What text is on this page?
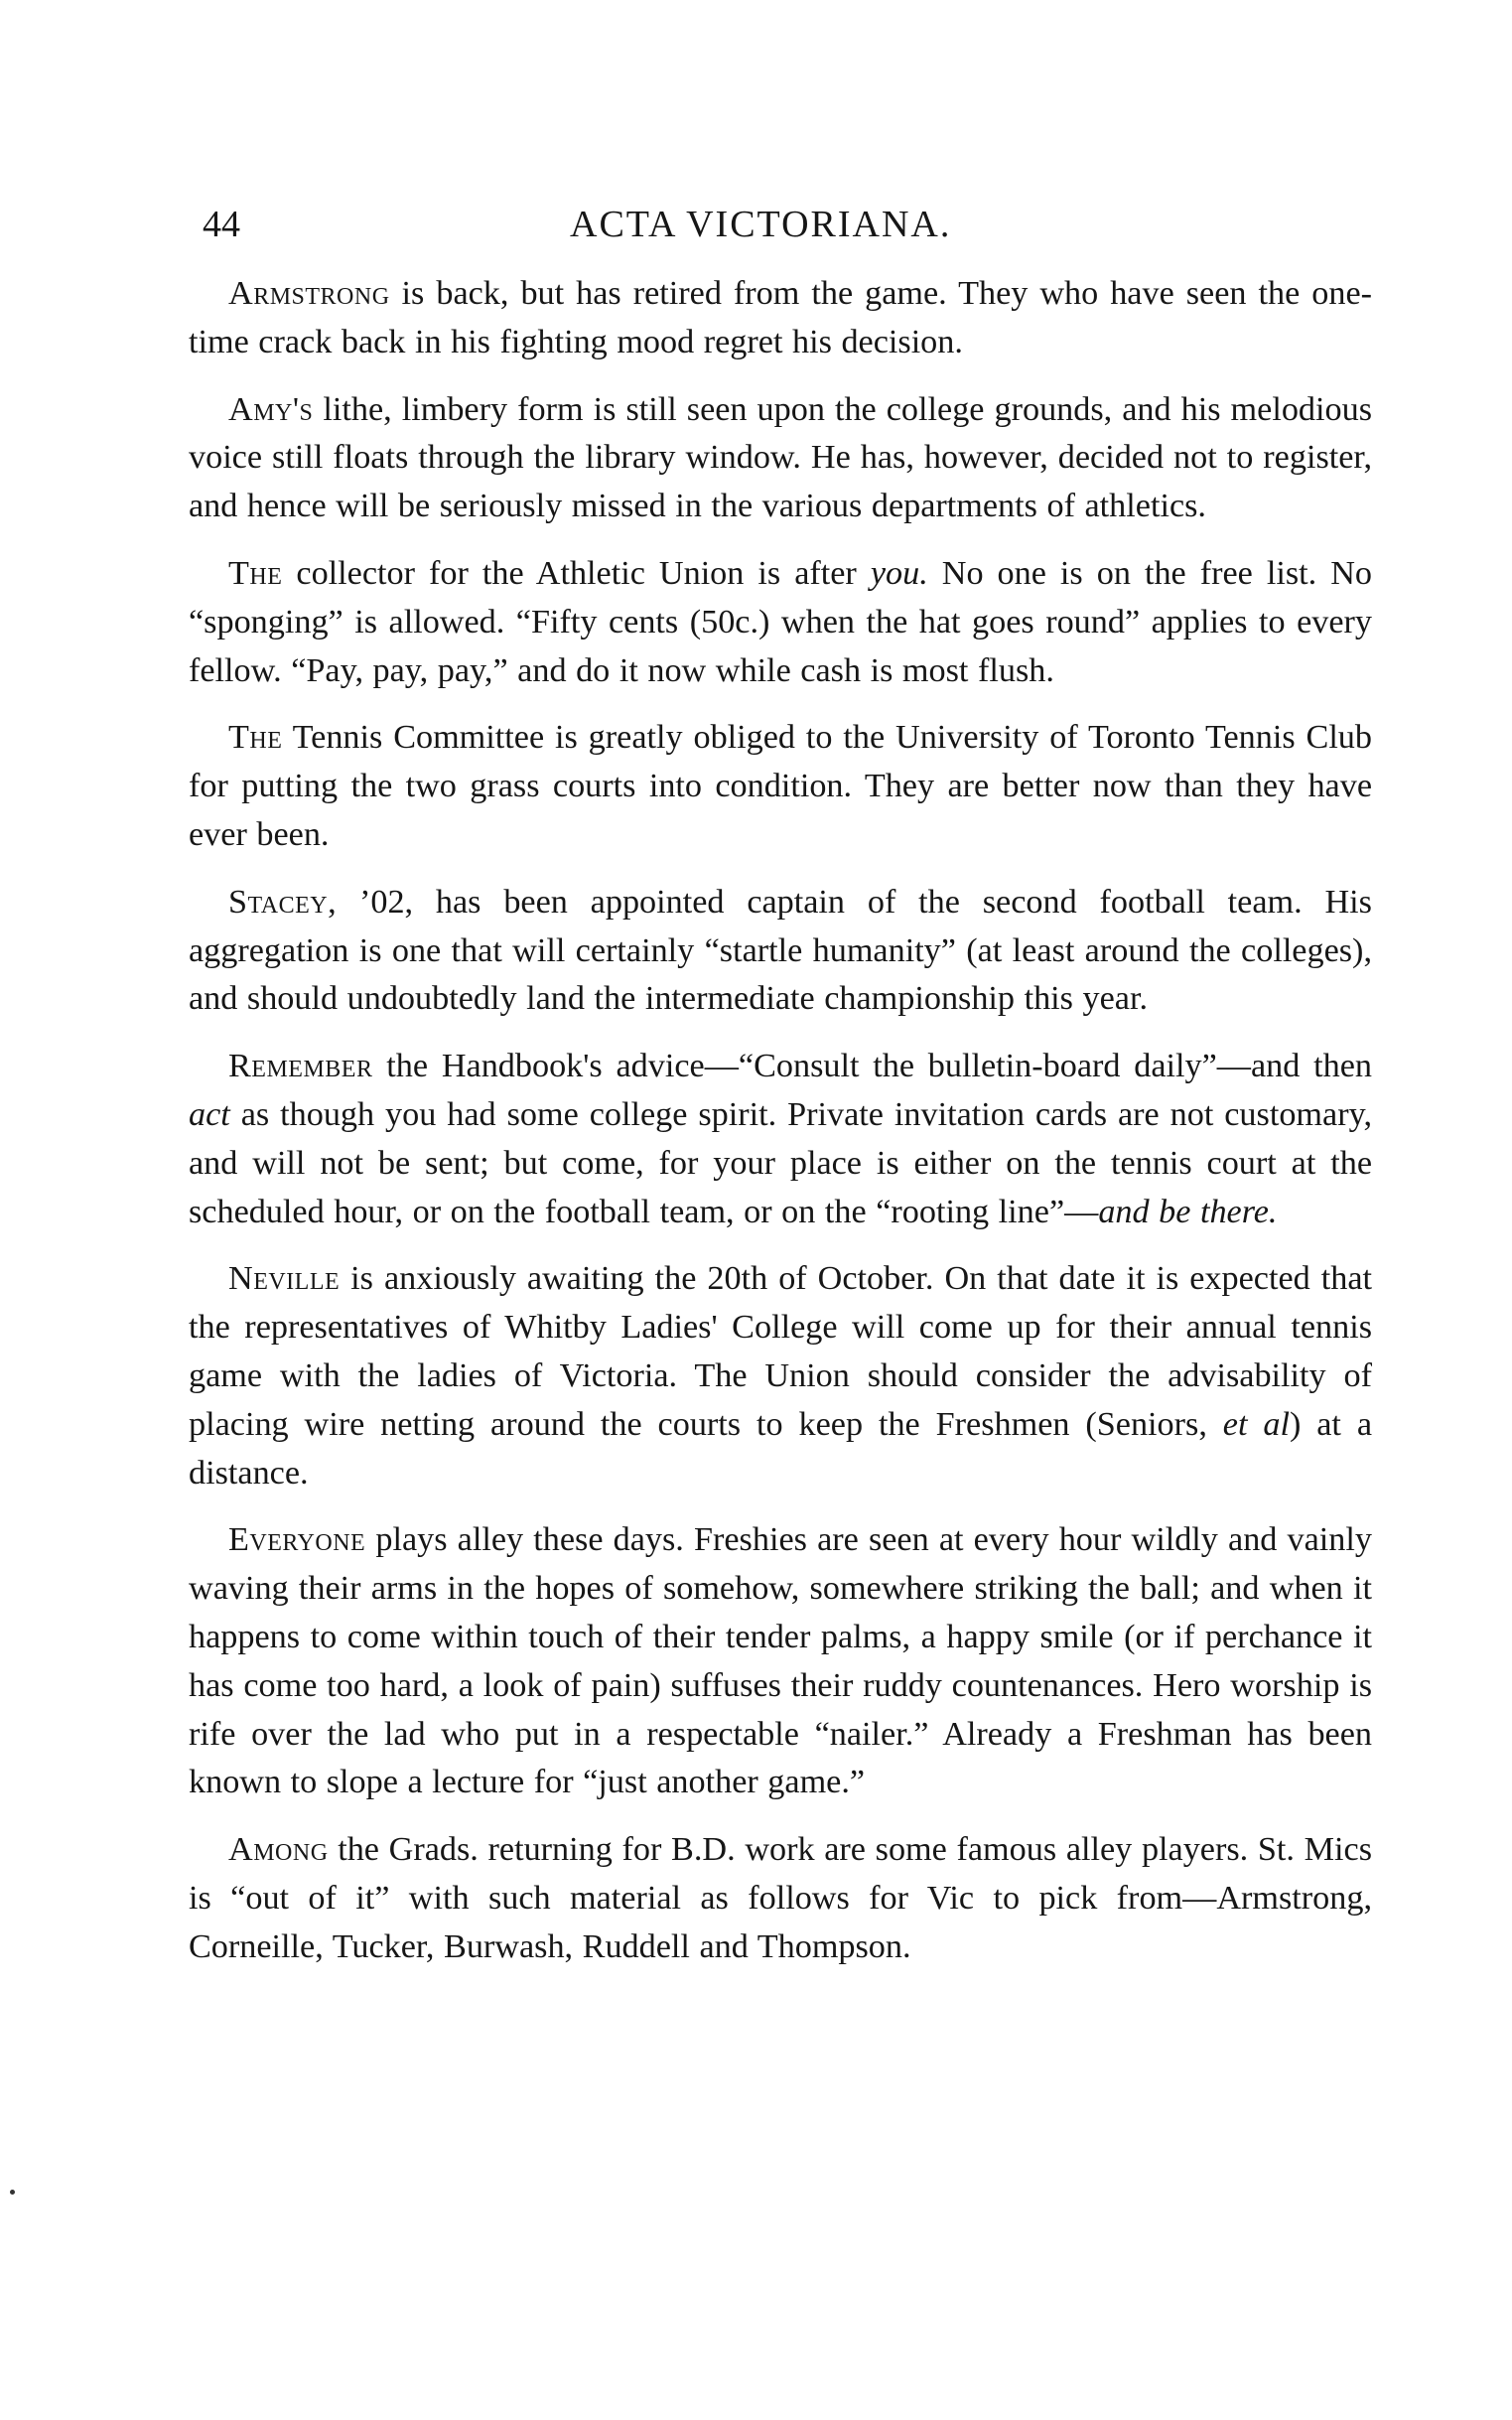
44	ACTA VICTORIANA.

Armstrong is back, but has retired from the game. They who have seen the one-time crack back in his fighting mood regret his decision.

Amy's lithe, limbery form is still seen upon the college grounds, and his melodious voice still floats through the library window. He has, however, decided not to register, and hence will be seriously missed in the various departments of athletics.

The collector for the Athletic Union is after you. No one is on the free list. No “sponging” is allowed. “Fifty cents (50c.) when the hat goes round” applies to every fellow. “Pay, pay, pay,” and do it now while cash is most flush.

The Tennis Committee is greatly obliged to the University of Toronto Tennis Club for putting the two grass courts into condition. They are better now than they have ever been.

Stacey, ’02, has been appointed captain of the second football team. His aggregation is one that will certainly “startle humanity” (at least around the colleges), and should undoubtedly land the intermediate championship this year.

Remember the Handbook's advice—“Consult the bulletin-board daily”—and then act as though you had some college spirit. Private invitation cards are not customary, and will not be sent; but come, for your place is either on the tennis court at the scheduled hour, or on the football team, or on the “rooting line”—and be there.

Neville is anxiously awaiting the 20th of October. On that date it is expected that the representatives of Whitby Ladies' College will come up for their annual tennis game with the ladies of Victoria. The Union should consider the advisability of placing wire netting around the courts to keep the Freshmen (Seniors, et al) at a distance.

Everyone plays alley these days. Freshies are seen at every hour wildly and vainly waving their arms in the hopes of somehow, somewhere striking the ball; and when it happens to come within touch of their tender palms, a happy smile (or if perchance it has come too hard, a look of pain) suffuses their ruddy countenances. Hero worship is rife over the lad who put in a respectable “nailer.” Already a Freshman has been known to slope a lecture for “just another game.”

Among the Grads. returning for B.D. work are some famous alley players. St. Mics is “out of it” with such material as follows for Vic to pick from—Armstrong, Corneille, Tucker, Burwash, Ruddell and Thompson.
